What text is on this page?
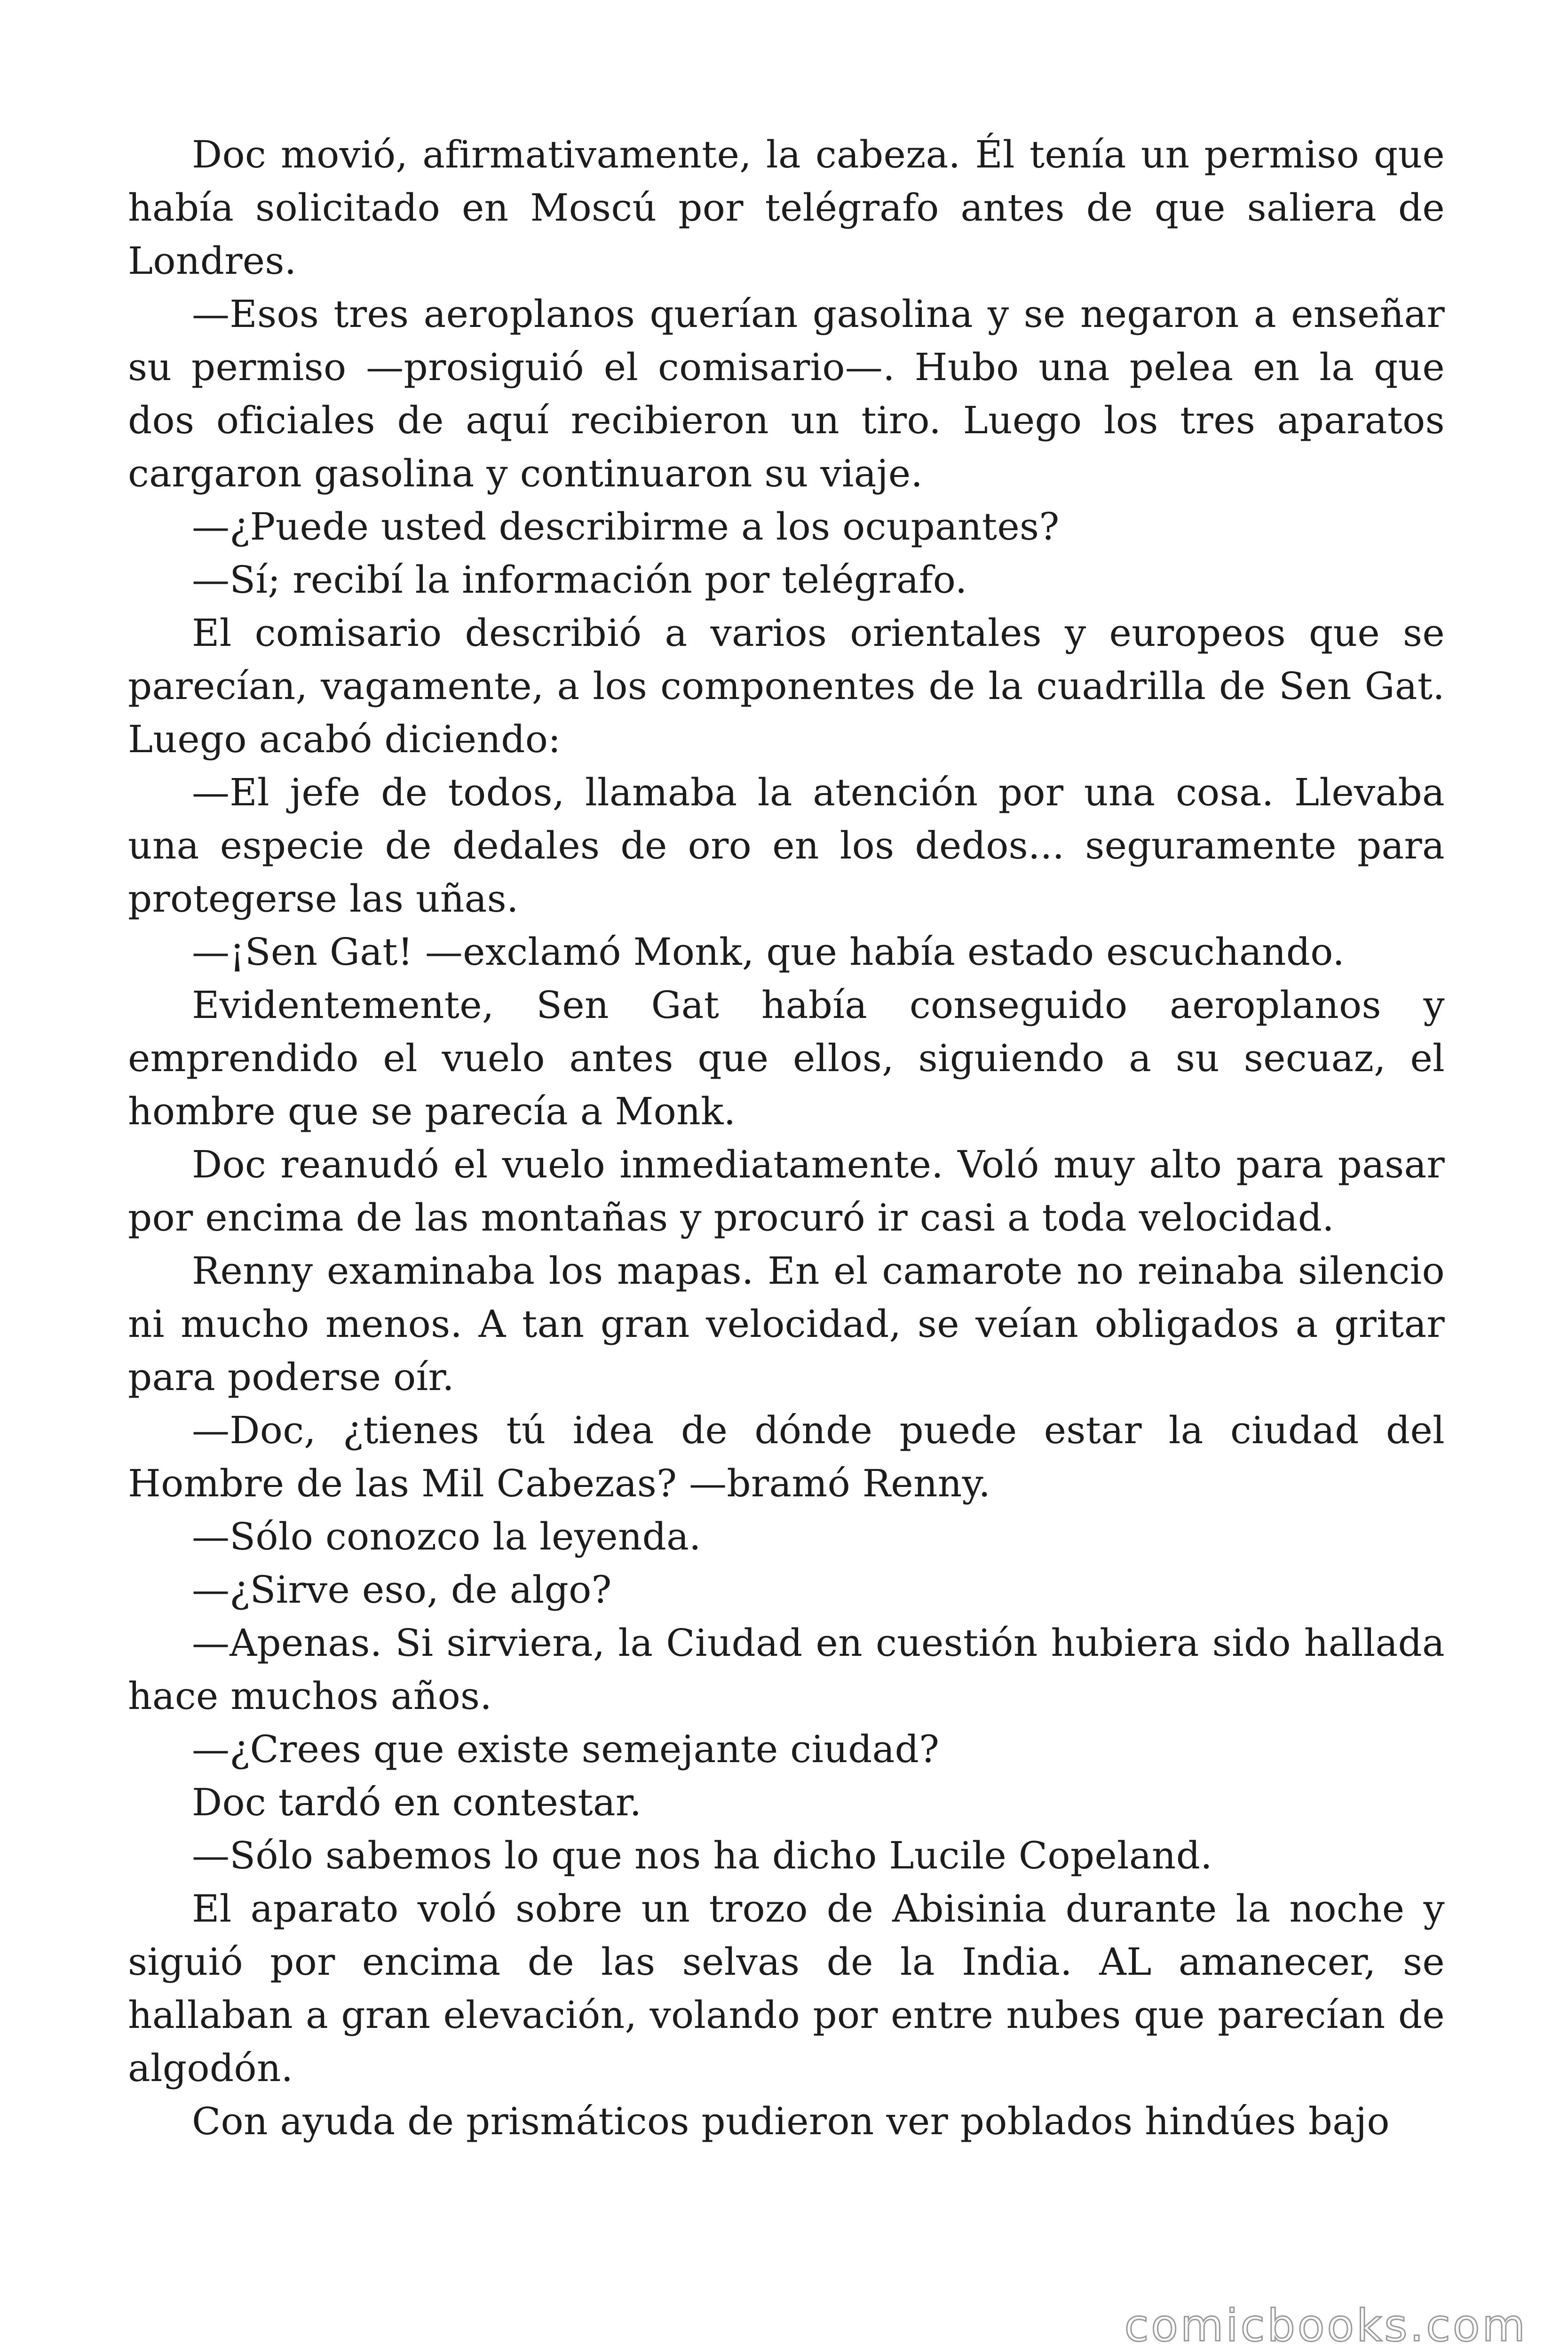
Doc movió, afirmativamente, la cabeza. Él tenía un permiso que había solicitado en Moscú por telégrafo antes de que saliera de Londres.

—Esos tres aeroplanos querían gasolina y se negaron a enseñar su permiso —prosiguió el comisario—. Hubo una pelea en la que dos oficiales de aquí recibieron un tiro. Luego los tres aparatos cargaron gasolina y continuaron su viaje.

—¿Puede usted describirme a los ocupantes?

—Sí; recibí la información por telégrafo.

El comisario describió a varios orientales y europeos que se parecían, vagamente, a los componentes de la cuadrilla de Sen Gat. Luego acabó diciendo:

—El jefe de todos, llamaba la atención por una cosa. Llevaba una especie de dedales de oro en los dedos... seguramente para protegerse las uñas.

—¡Sen Gat! —exclamó Monk, que había estado escuchando.

Evidentemente, Sen Gat había conseguido aeroplanos y emprendido el vuelo antes que ellos, siguiendo a su secuaz, el hombre que se parecía a Monk.

Doc reanudó el vuelo inmediatamente. Voló muy alto para pasar por encima de las montañas y procuró ir casi a toda velocidad.

Renny examinaba los mapas. En el camarote no reinaba silencio ni mucho menos. A tan gran velocidad, se veían obligados a gritar para poderse oír.

—Doc, ¿tienes tú idea de dónde puede estar la ciudad del Hombre de las Mil Cabezas? —bramó Renny.

—Sólo conozco la leyenda.

—¿Sirve eso, de algo?

—Apenas. Si sirviera, la Ciudad en cuestión hubiera sido hallada hace muchos años.

—¿Crees que existe semejante ciudad?

Doc tardó en contestar.

—Sólo sabemos lo que nos ha dicho Lucile Copeland.

El aparato voló sobre un trozo de Abisinia durante la noche y siguió por encima de las selvas de la India. AL amanecer, se hallaban a gran elevación, volando por entre nubes que parecían de algodón.

Con ayuda de prismáticos pudieron ver poblados hindúes bajo

comicbooks.com
